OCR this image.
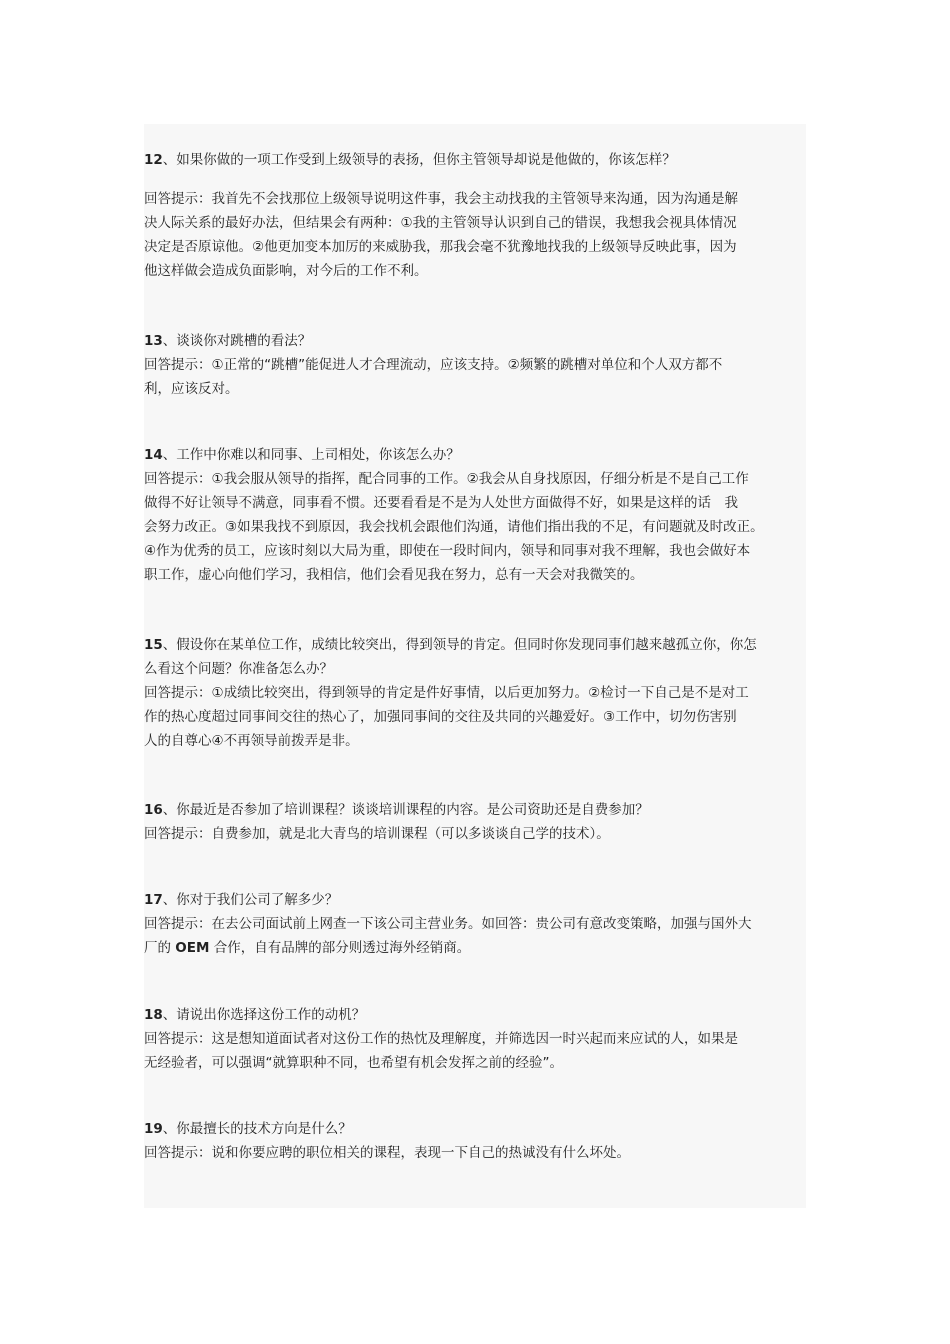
12、如果你做的一项工作受到上级领导的表扬，但你主管领导却说是他做的，你该怎样？
回答提示：我首先不会找那位上级领导说明这件事，我会主动找我的主管领导来沟通，因为沟通是解
决人际关系的最好办法，但结果会有两种：①我的主管领导认识到自己的错误，我想我会视具体情况
决定是否原谅他。②他更加变本加厉的来威胁我，那我会毫不犹豫地找我的上级领导反映此事，因为
他这样做会造成负面影响，对今后的工作不利。
13、谈谈你对跳槽的看法？
回答提示：①正常的“跳槽”能促进人才合理流动，应该支持。②频繁的跳槽对单位和个人双方都不
利，应该反对。
14、工作中你难以和同事、上司相处，你该怎么办？
回答提示：①我会服从领导的指挥，配合同事的工作。②我会从自身找原因，仔细分析是不是自己工作
做得不好让领导不满意，同事看不惯。还要看看是不是为人处世方面做得不好，如果是这样的话　我
会努力改正。③如果我找不到原因，我会找机会跟他们沟通，请他们指出我的不足，有问题就及时改正。
④作为优秀的员工，应该时刻以大局为重，即使在一段时间内，领导和同事对我不理解，我也会做好本
职工作，虚心向他们学习，我相信，他们会看见我在努力，总有一天会对我微笑的。
15、假设你在某单位工作，成绩比较突出，得到领导的肯定。但同时你发现同事们越来越孤立你，你怎
么看这个问题？你准备怎么办？
回答提示：①成绩比较突出，得到领导的肯定是件好事情，以后更加努力。②检讨一下自己是不是对工
作的热心度超过同事间交往的热心了，加强同事间的交往及共同的兴趣爱好。③工作中，切勿伤害别
人的自尊心④不再领导前拨弄是非。
16、你最近是否参加了培训课程？谈谈培训课程的内容。是公司资助还是自费参加？
回答提示：自费参加，就是北大青鸟的培训课程（可以多谈谈自己学的技术）。
17、你对于我们公司了解多少？
回答提示：在去公司面试前上网查一下该公司主营业务。如回答：贵公司有意改变策略，加强与国外大
厂的 OEM 合作，自有品牌的部分则透过海外经销商。
18、请说出你选择这份工作的动机？
回答提示：这是想知道面试者对这份工作的热忱及理解度，并筛选因一时兴起而来应试的人，如果是
无经验者，可以强调“就算职种不同，也希望有机会发挥之前的经验”。
19、你最擅长的技术方向是什么？
回答提示：说和你要应聘的职位相关的课程，表现一下自己的热诚没有什么坏处。
